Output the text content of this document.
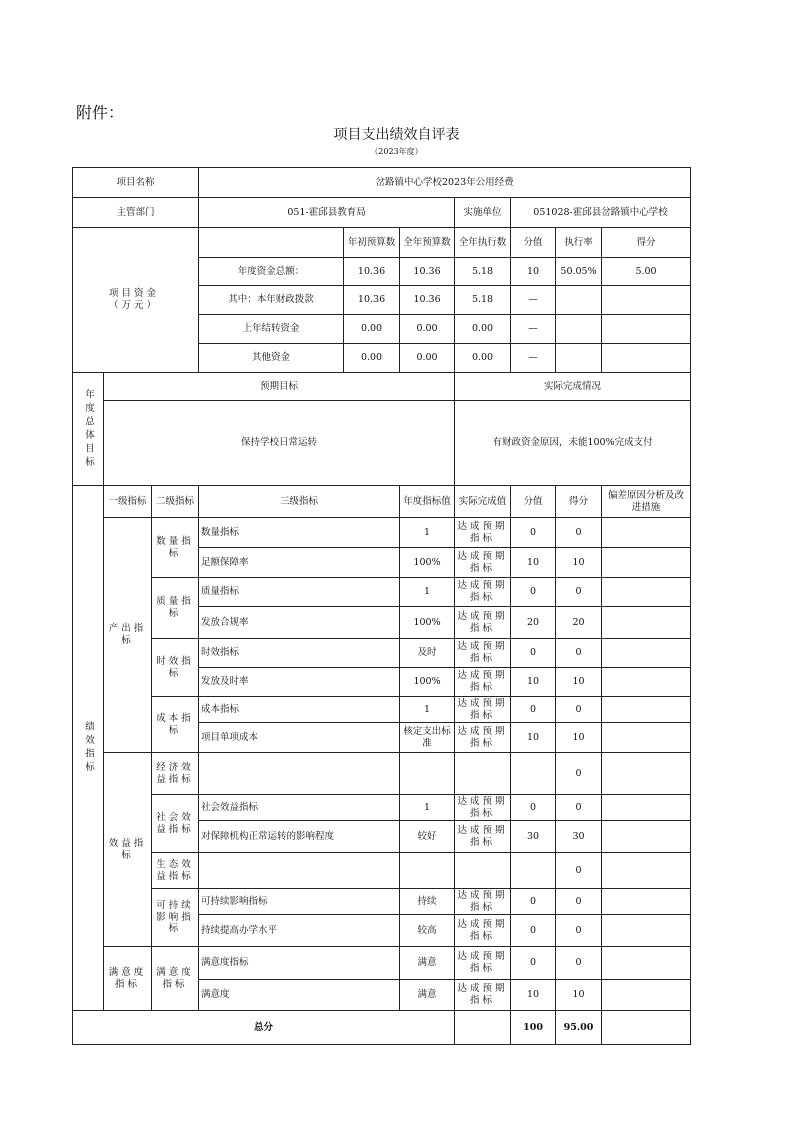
附件：
项目支出绩效自评表
（2023年度）
项目名称			岔路镇中心学校2023年公用经费						
主管部门			051-霍邱县教育局			实施单位	051028-霍邱县岔路镇中心学校		
项目资金（万元）				年初预算数	全年预算数	全年执行数	分值	执行率	得分
			年度资金总额：	10.36	10.36	5.18	10	50.05%	5.00
			其中：本年财政拨款	10.36	10.36	5.18	—		
			上年结转资金	0.00	0.00	0.00	—		
			其他资金	0.00	0.00	0.00	—		
年度总体目标	预期目标					实际完成情况			
	保持学校日常运转					有财政资金原因，未能100%完成支付			
绩效指标	一级指标	二级指标	三级指标		年度指标值	实际完成值	分值	得分	偏差原因分析及改进措施
	产出指标	数量指标	数量指标		1	达成预期指标	0	0	
			足额保障率		100%	达成预期指标	10	10	
		质量指标	质量指标		1	达成预期指标	0	0	
			发放合规率		100%	达成预期指标	20	20	
		时效指标	时效指标		及时	达成预期指标	0	0	
			发放及时率		100%	达成预期指标	10	10	
		成本指标	成本指标		1	达成预期指标	0	0	
			项目单项成本		核定支出标准	达成预期指标	10	10	
	效益指标	经济效益指标						0	
		社会效益指标	社会效益指标		1	达成预期指标	0	0	
			对保障机构正常运转的影响程度		较好	达成预期指标	30	30	
		生态效益指标						0	
		可持续影响指标	可持续影响指标		持续	达成预期指标	0	0	
			持续提高办学水平		较高	达成预期指标	0	0	
	满意度指标	满意度指标	满意度指标		满意	达成预期指标	0	0	
			满意度		满意	达成预期指标	10	10	
总分							100	95.00	
